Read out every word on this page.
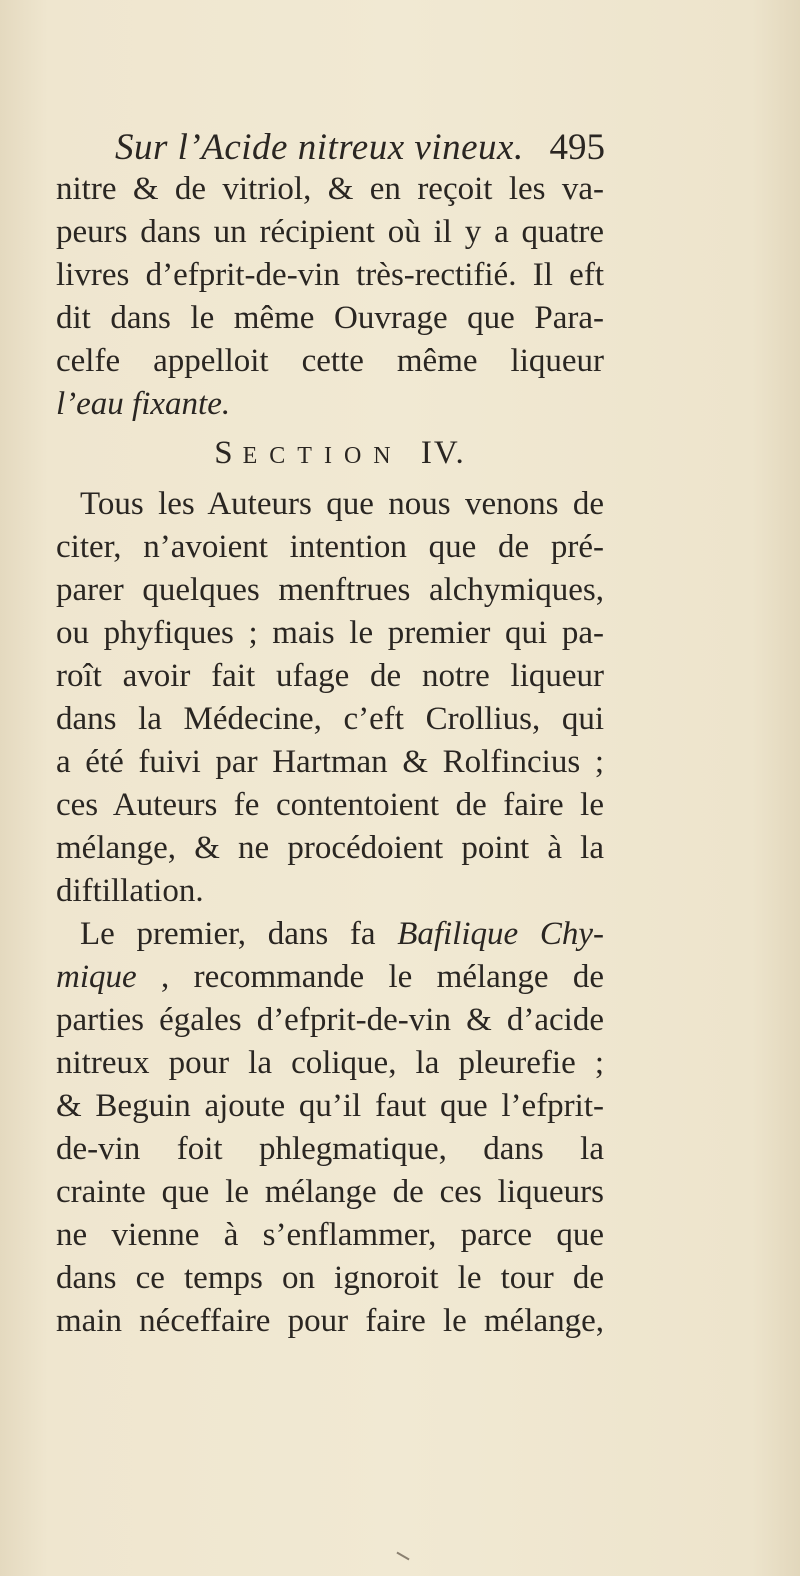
Sur l’Acide nitreux vineux. 495
nitre & de vitriol, & en reçoit les va-
peurs dans un récipient où il y a quatre
livres d’efprit-de-vin très-rectifié. Il eft
dit dans le même Ouvrage que Para-
celfe appelloit cette même liqueur
l’eau fixante.
SECTION IV.
Tous les Auteurs que nous venons de
citer, n’avoient intention que de pré-
parer quelques menftrues alchymiques,
ou phyfiques ; mais le premier qui pa-
roît avoir fait ufage de notre liqueur
dans la Médecine, c’eft Crollius, qui
a été fuivi par Hartman & Rolfincius ;
ces Auteurs fe contentoient de faire le
mélange, & ne procédoient point à la
diftillation.
Le premier, dans fa Bafilique Chy-
mique , recommande le mélange de
parties égales d’efprit-de-vin & d’acide
nitreux pour la colique, la pleurefie ;
& Beguin ajoute qu’il faut que l’efprit-
de-vin foit phlegmatique, dans la
crainte que le mélange de ces liqueurs
ne vienne à s’enflammer, parce que
dans ce temps on ignoroit le tour de
main néceffaire pour faire le mélange,
